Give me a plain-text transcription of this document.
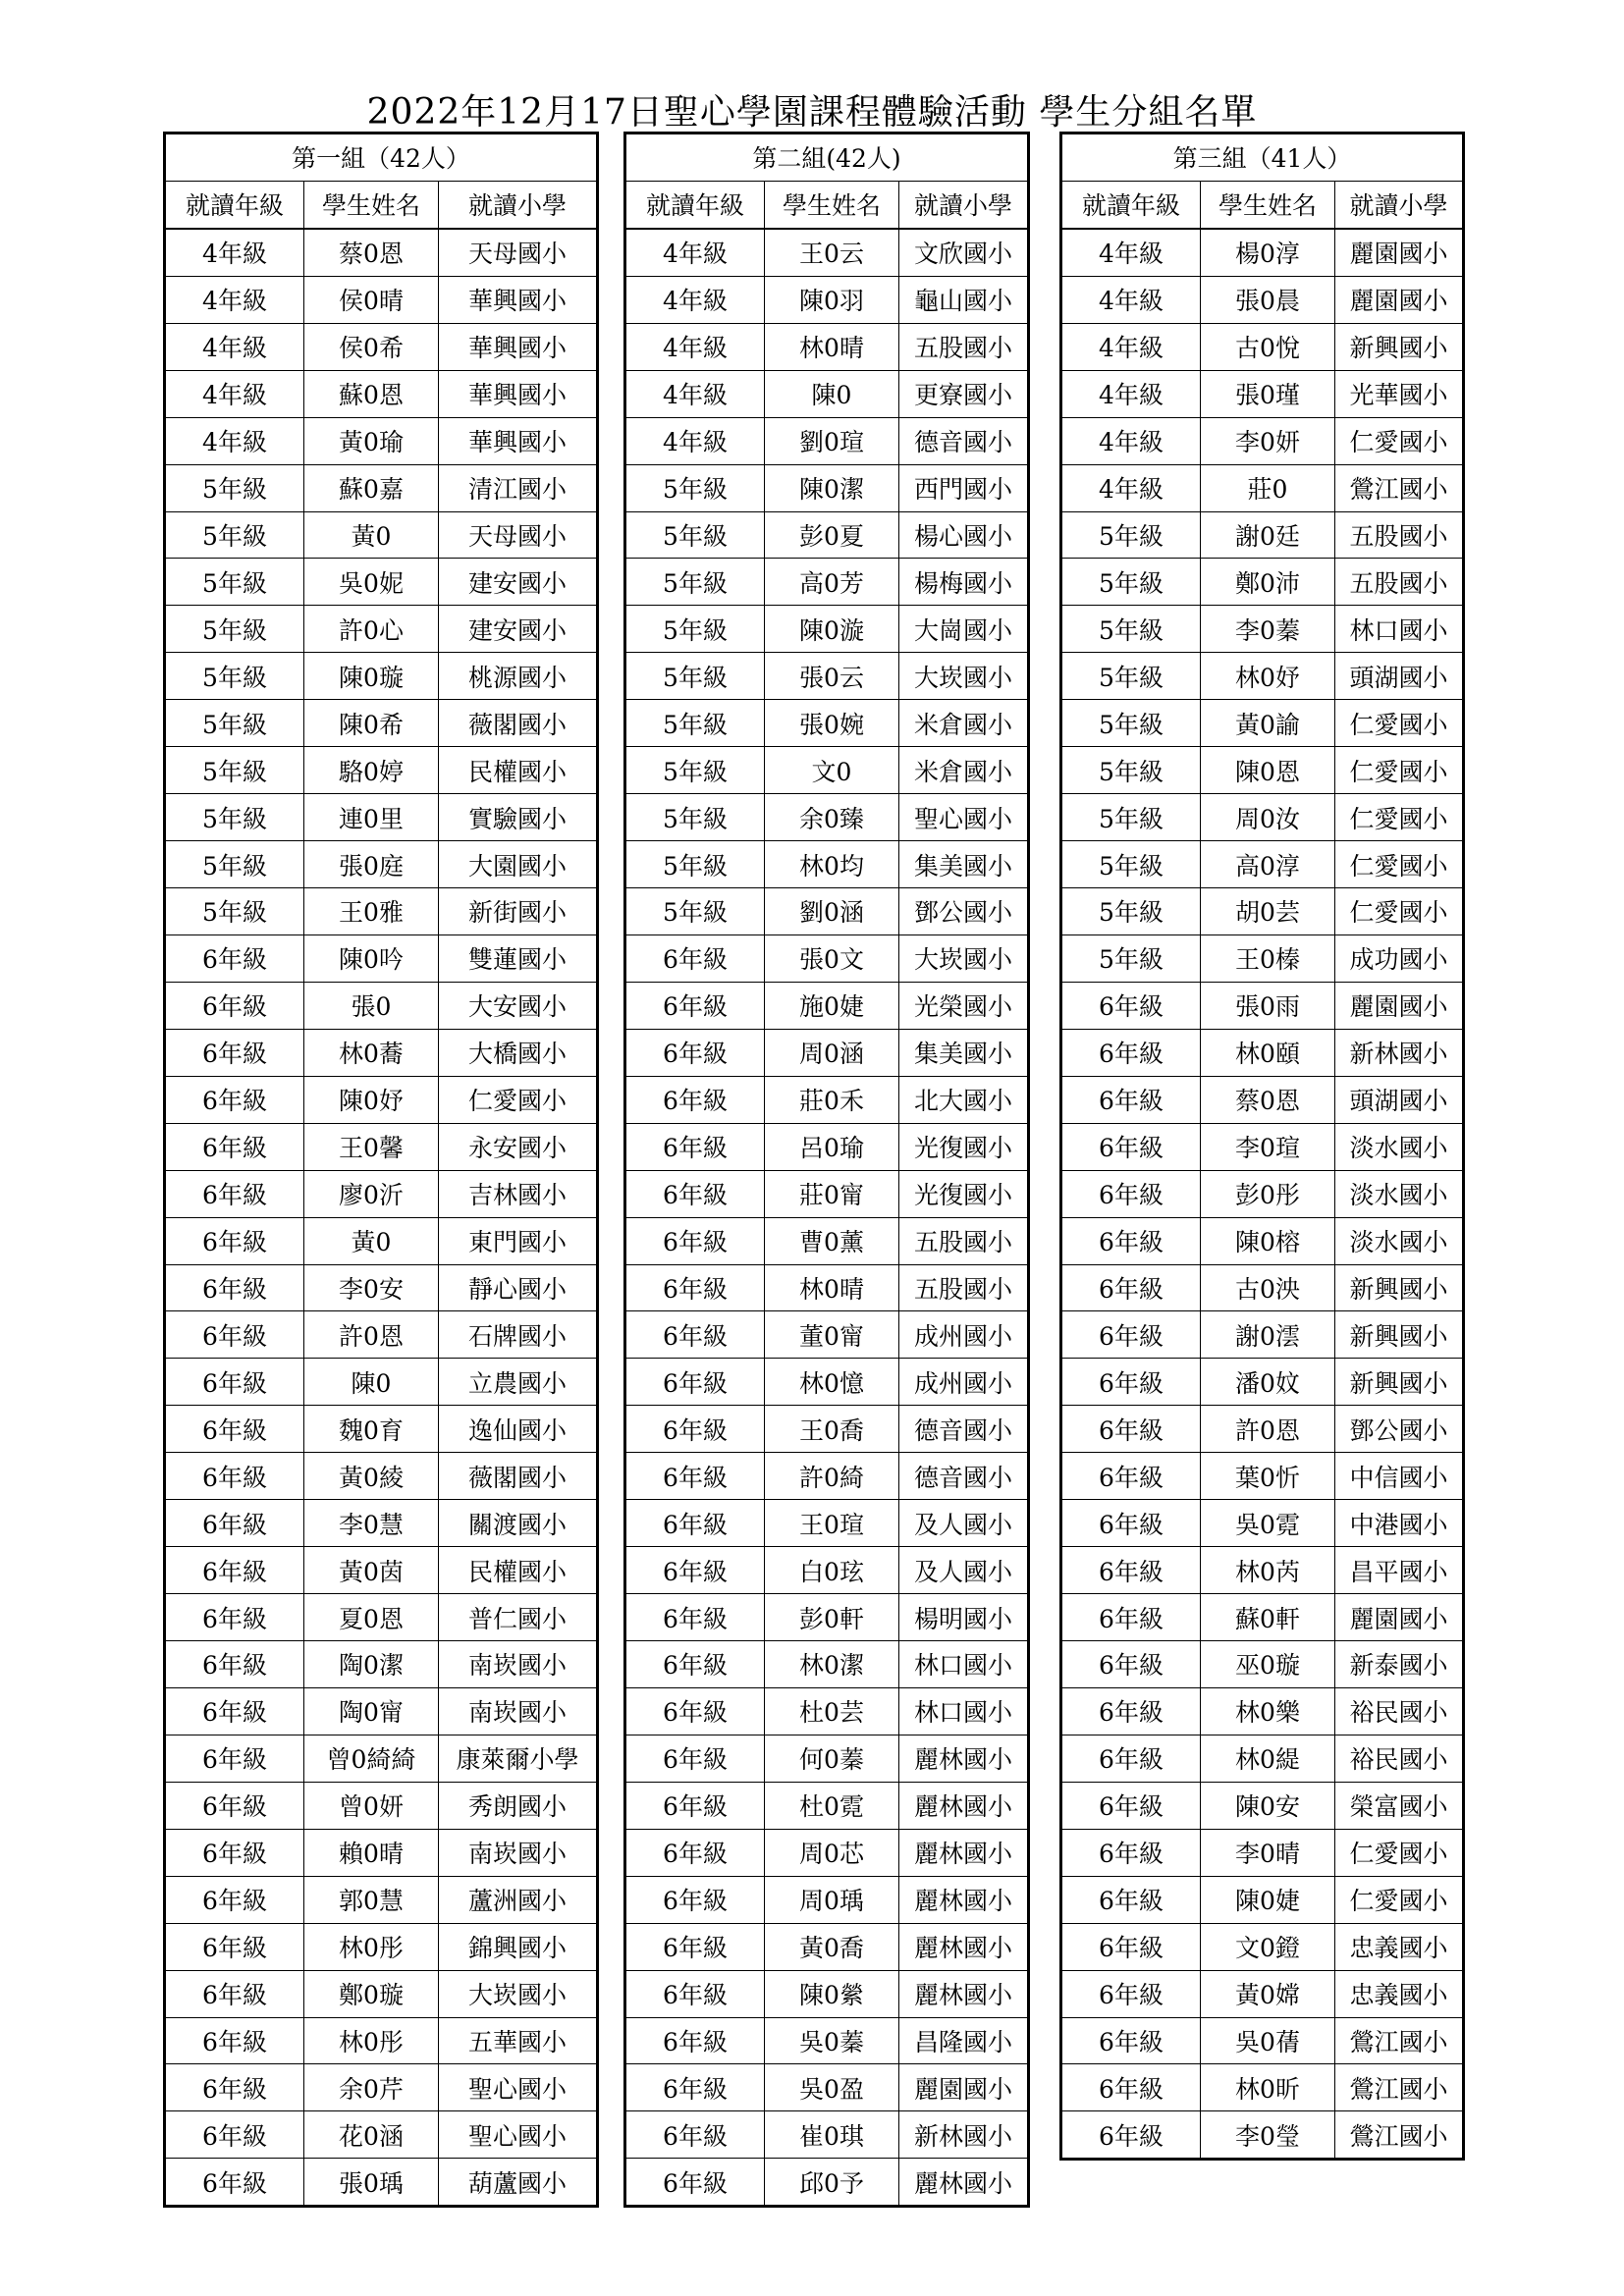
2022年12月17日聖心學園課程體驗活動 學生分組名單
第一組（42人）		
就讀年級	學生姓名	就讀小學
4年級	蔡0恩	天母國小
4年級	侯0晴	華興國小
4年級	侯0希	華興國小
4年級	蘇0恩	華興國小
4年級	黃0瑜	華興國小
5年級	蘇0嘉	清江國小
5年級	黃0	天母國小
5年級	吳0妮	建安國小
5年級	許0心	建安國小
5年級	陳0璇	桃源國小
5年級	陳0希	薇閣國小
5年級	駱0婷	民權國小
5年級	連0里	實驗國小
5年級	張0庭	大園國小
5年級	王0雅	新街國小
6年級	陳0吟	雙蓮國小
6年級	張0	大安國小
6年級	林0蕎	大橋國小
6年級	陳0妤	仁愛國小
6年級	王0馨	永安國小
6年級	廖0沂	吉林國小
6年級	黃0	東門國小
6年級	李0安	靜心國小
6年級	許0恩	石牌國小
6年級	陳0	立農國小
6年級	魏0育	逸仙國小
6年級	黃0綾	薇閣國小
6年級	李0慧	關渡國小
6年級	黃0茵	民權國小
6年級	夏0恩	普仁國小
6年級	陶0潔	南崁國小
6年級	陶0甯	南崁國小
6年級	曾0綺綺	康萊爾小學
6年級	曾0妍	秀朗國小
6年級	賴0晴	南崁國小
6年級	郭0慧	蘆洲國小
6年級	林0彤	錦興國小
6年級	鄭0璇	大崁國小
6年級	林0彤	五華國小
6年級	余0芹	聖心國小
6年級	花0涵	聖心國小
6年級	張0瑀	葫蘆國小
第二組(42人)		
就讀年級	學生姓名	就讀小學
4年級	王0云	文欣國小
4年級	陳0羽	龜山國小
4年級	林0晴	五股國小
4年級	陳0	更寮國小
4年級	劉0瑄	德音國小
5年級	陳0潔	西門國小
5年級	彭0夏	楊心國小
5年級	高0芳	楊梅國小
5年級	陳0漩	大崗國小
5年級	張0云	大崁國小
5年級	張0婉	米倉國小
5年級	文0	米倉國小
5年級	余0臻	聖心國小
5年級	林0均	集美國小
5年級	劉0涵	鄧公國小
6年級	張0文	大崁國小
6年級	施0婕	光榮國小
6年級	周0涵	集美國小
6年級	莊0禾	北大國小
6年級	呂0瑜	光復國小
6年級	莊0甯	光復國小
6年級	曹0薰	五股國小
6年級	林0晴	五股國小
6年級	董0甯	成州國小
6年級	林0憶	成州國小
6年級	王0喬	德音國小
6年級	許0綺	德音國小
6年級	王0瑄	及人國小
6年級	白0玹	及人國小
6年級	彭0軒	楊明國小
6年級	林0潔	林口國小
6年級	杜0芸	林口國小
6年級	何0蓁	麗林國小
6年級	杜0霓	麗林國小
6年級	周0芯	麗林國小
6年級	周0瑀	麗林國小
6年級	黃0喬	麗林國小
6年級	陳0縈	麗林國小
6年級	吳0蓁	昌隆國小
6年級	吳0盈	麗園國小
6年級	崔0琪	新林國小
6年級	邱0予	麗林國小
第三組（41人）		
就讀年級	學生姓名	就讀小學
4年級	楊0淳	麗園國小
4年級	張0晨	麗園國小
4年級	古0悅	新興國小
4年級	張0瑾	光華國小
4年級	李0妍	仁愛國小
4年級	莊0	鶯江國小
5年級	謝0廷	五股國小
5年級	鄭0沛	五股國小
5年級	李0蓁	林口國小
5年級	林0妤	頭湖國小
5年級	黃0諭	仁愛國小
5年級	陳0恩	仁愛國小
5年級	周0汝	仁愛國小
5年級	高0淳	仁愛國小
5年級	胡0芸	仁愛國小
5年級	王0榛	成功國小
6年級	張0雨	麗園國小
6年級	林0頤	新林國小
6年級	蔡0恩	頭湖國小
6年級	李0瑄	淡水國小
6年級	彭0彤	淡水國小
6年級	陳0榕	淡水國小
6年級	古0泱	新興國小
6年級	謝0澐	新興國小
6年級	潘0妏	新興國小
6年級	許0恩	鄧公國小
6年級	葉0忻	中信國小
6年級	吳0霓	中港國小
6年級	林0芮	昌平國小
6年級	蘇0軒	麗園國小
6年級	巫0璇	新泰國小
6年級	林0樂	裕民國小
6年級	林0緹	裕民國小
6年級	陳0安	榮富國小
6年級	李0晴	仁愛國小
6年級	陳0婕	仁愛國小
6年級	文0鐙	忠義國小
6年級	黃0嫦	忠義國小
6年級	吳0蒨	鶯江國小
6年級	林0昕	鶯江國小
6年級	李0瑩	鶯江國小
